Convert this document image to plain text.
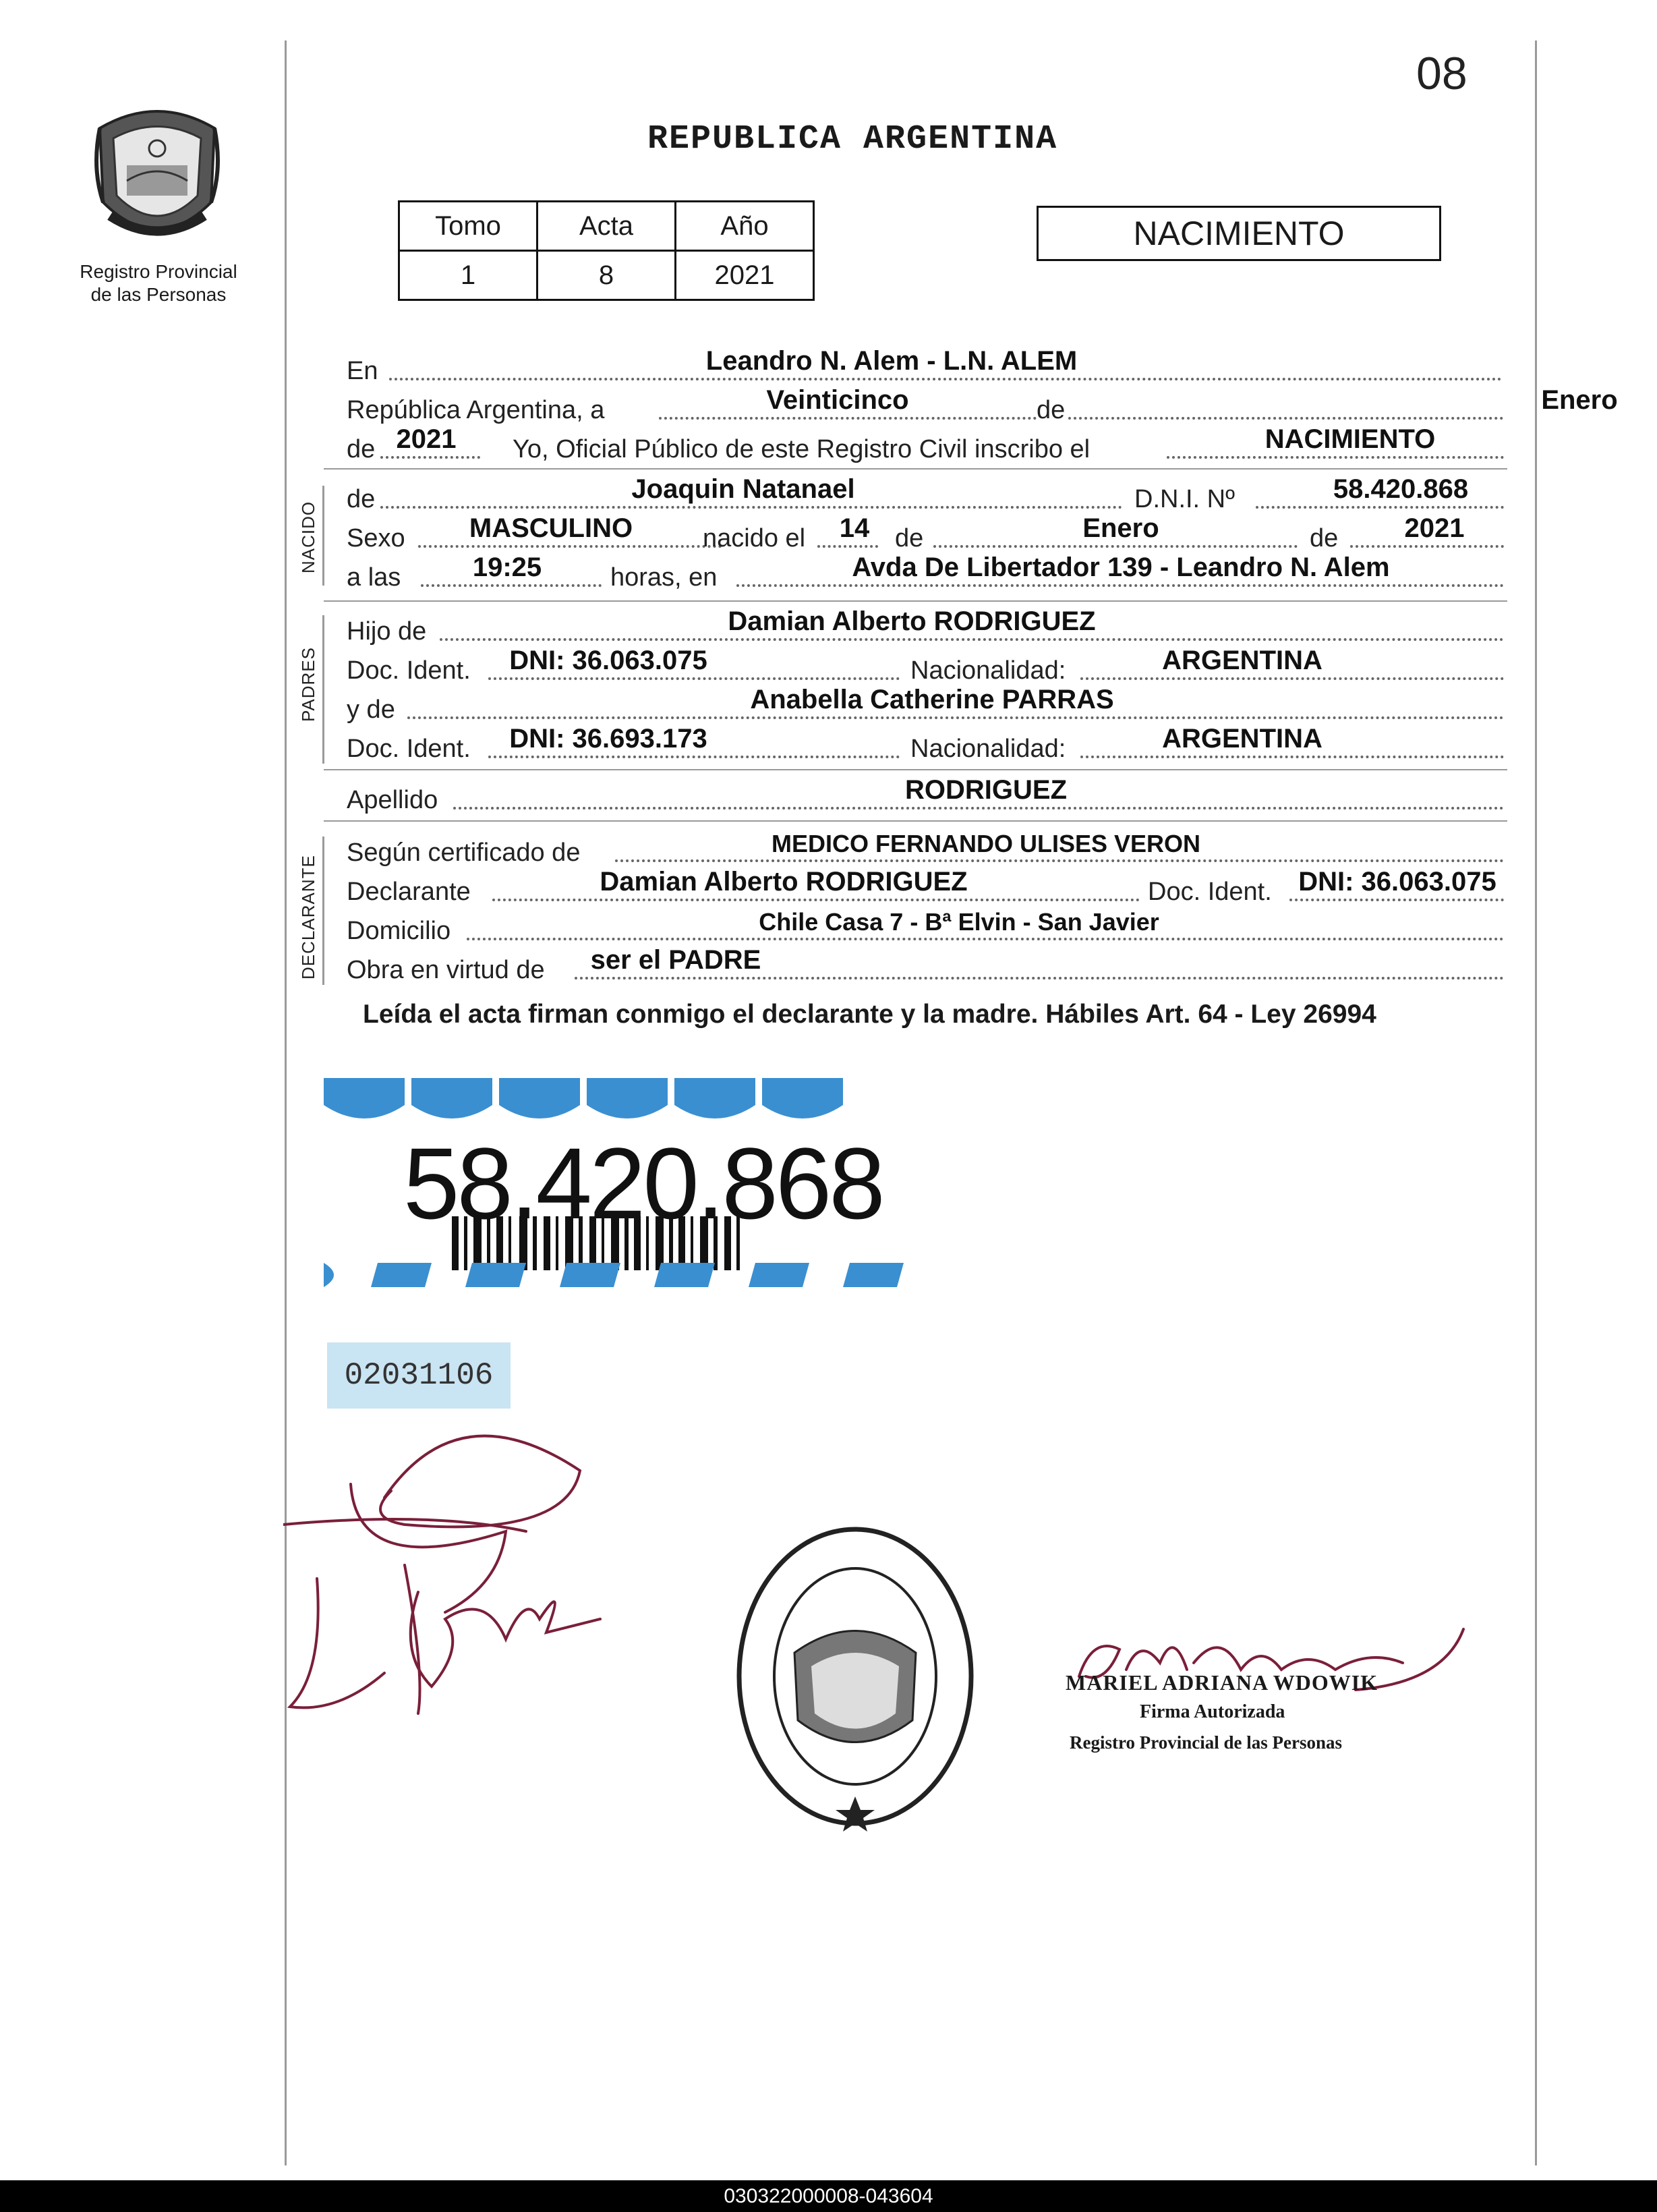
08
Registro Provincial
de las Personas
REPUBLICA ARGENTINA
Tomo	Acta	Año
1	8	2021
NACIMIENTO
En	Leandro N. Alem - L.N. ALEM
República Argentina, a	Veinticinco	de	Enero
de 2021	Yo, Oficial Público de este Registro Civil inscribo el	NACIMIENTO
NACIDO
de	Joaquin Natanael	D.N.I. Nº	58.420.868
Sexo	MASCULINO	nacido el	14 de	Enero	de	2021
a las	19:25	horas, en	Avda De Libertador 139 - Leandro N. Alem
PADRES
Hijo de	Damian Alberto RODRIGUEZ
Doc. Ident.	DNI: 36.063.075	Nacionalidad:	ARGENTINA
y de	Anabella Catherine PARRAS
Doc. Ident.	DNI: 36.693.173	Nacionalidad:	ARGENTINA
Apellido	RODRIGUEZ
DECLARANTE
Según certificado de	MEDICO FERNANDO ULISES VERON
Declarante	Damian Alberto RODRIGUEZ	Doc. Ident. DNI: 36.063.075
Domicilio	Chile Casa 7 - Bª Elvin - San Javier
Obra en virtud de	ser el PADRE
Leída el acta firman conmigo el declarante y la madre. Hábiles Art. 64 - Ley 26994
58.420.868
02031106
MARIEL ADRIANA WDOWIK
Firma Autorizada
Registro Provincial de las Personas
030322000008-043604
